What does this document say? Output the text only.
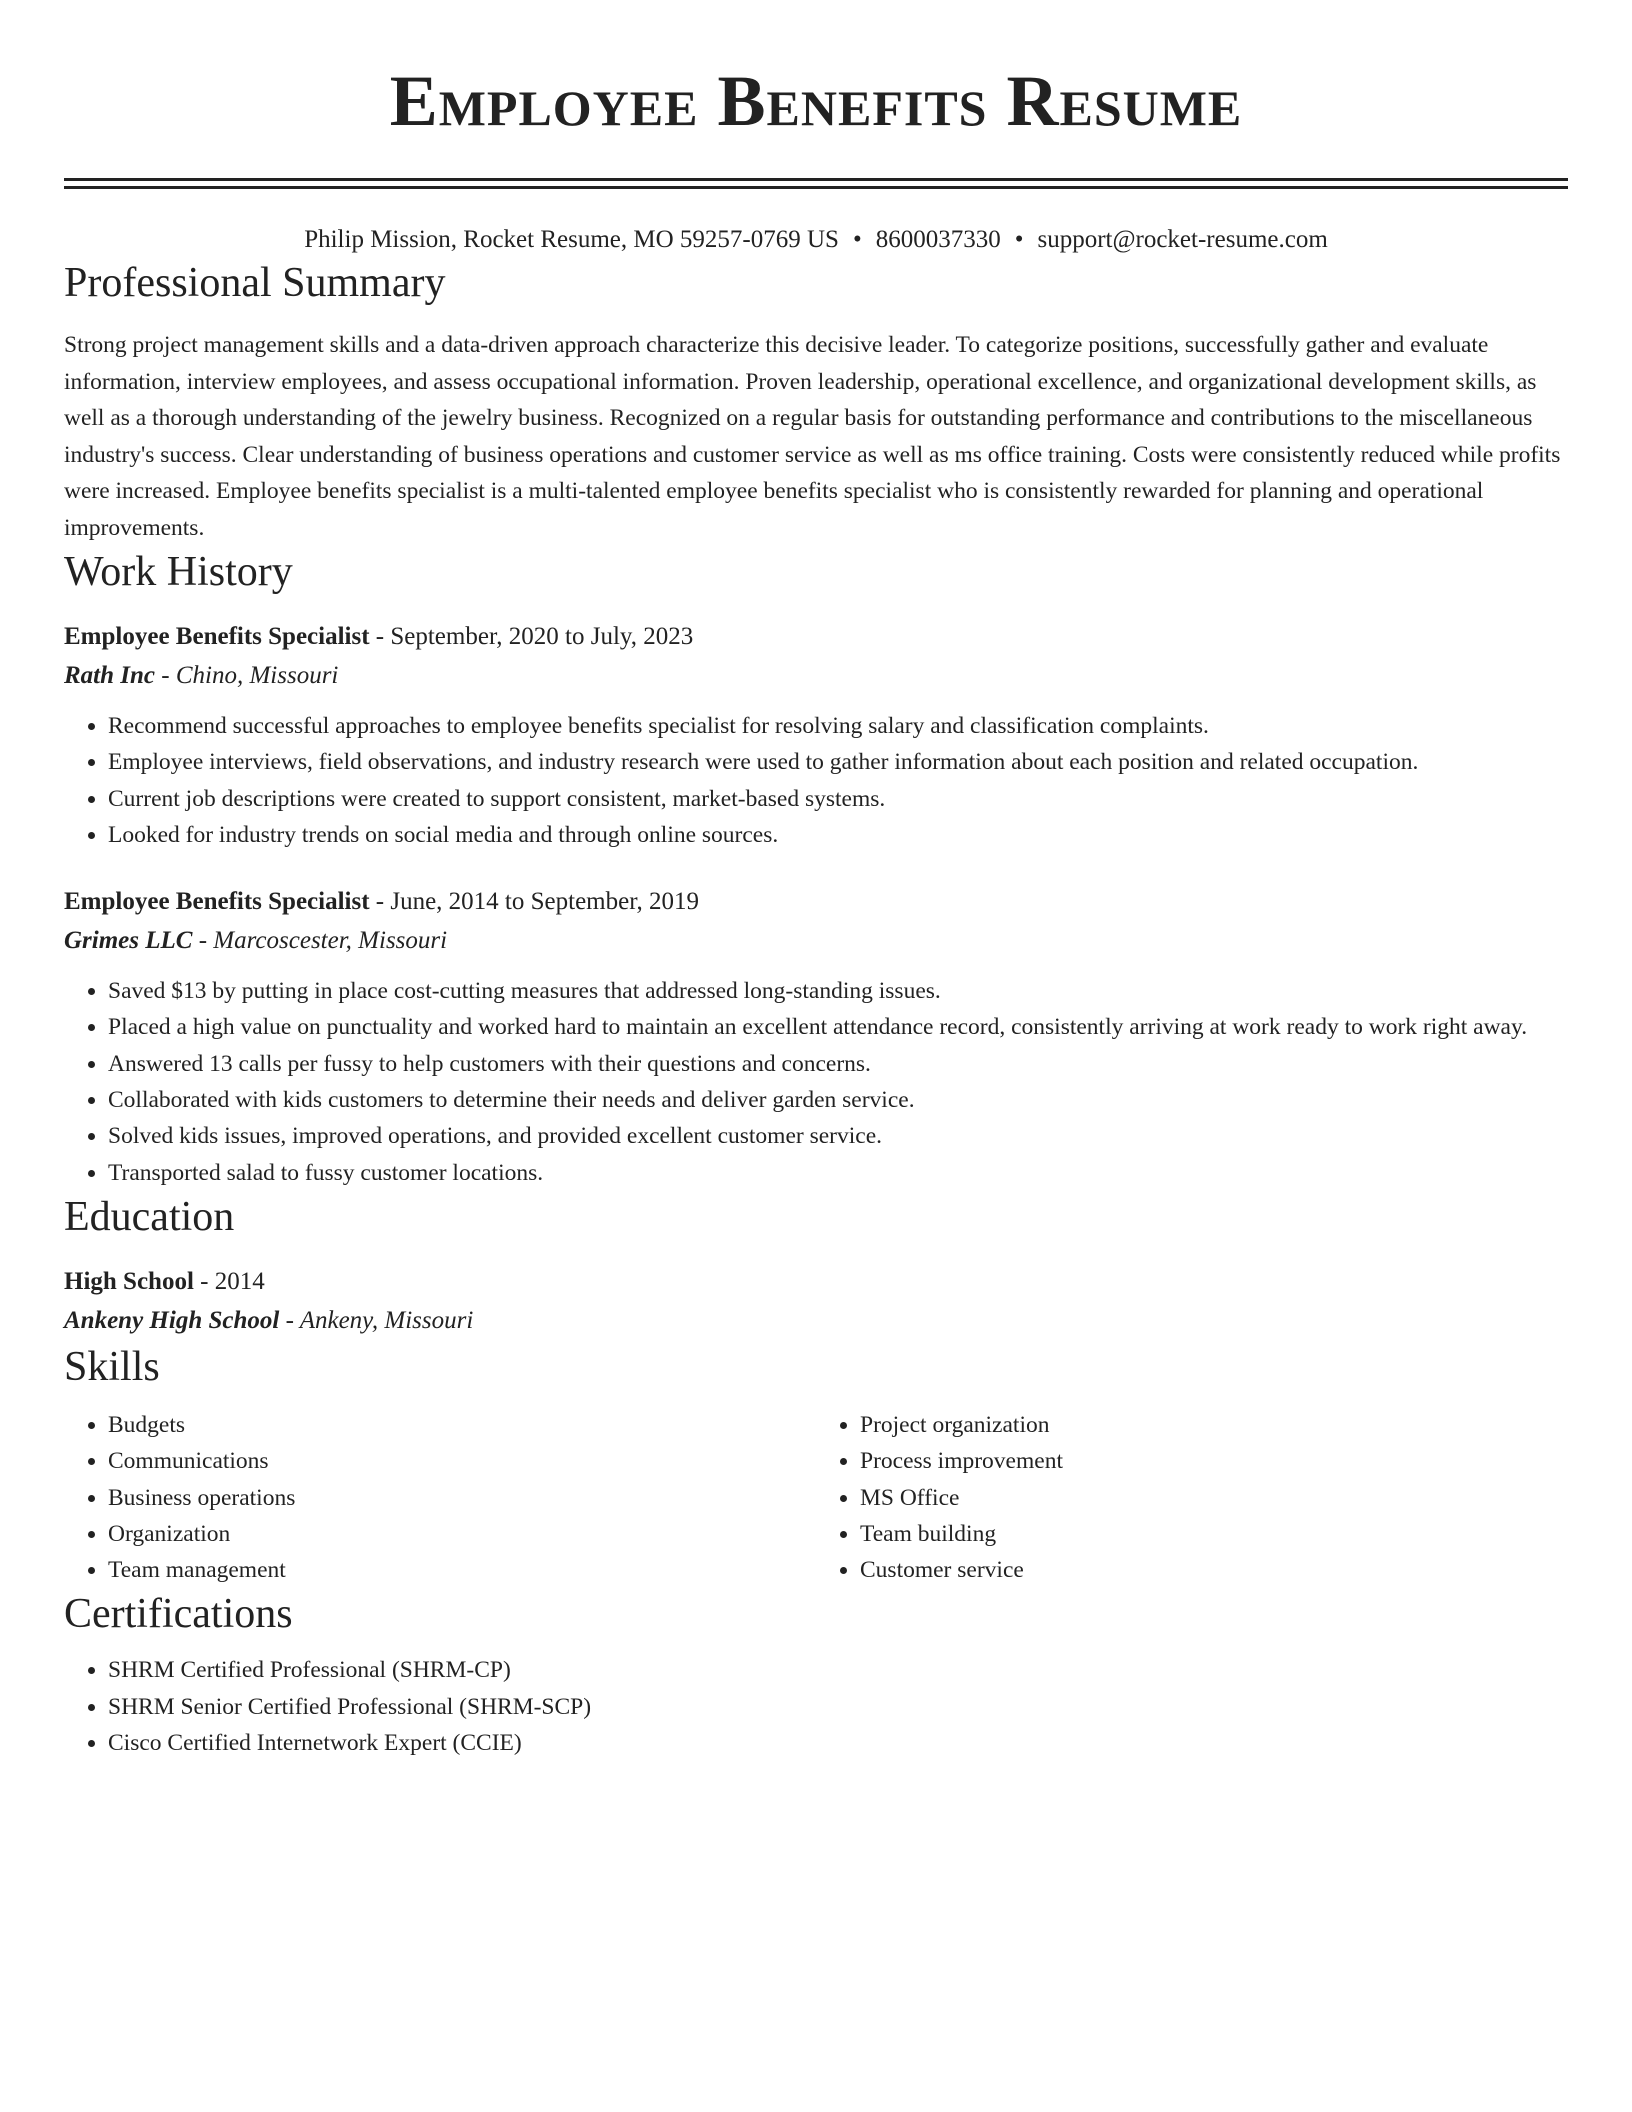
Employee Benefits Resume
Philip Mission, Rocket Resume, MO 59257-0769 US • 8600037330 • support@rocket-resume.com
Professional Summary

Strong project management skills and a data-driven approach characterize this decisive leader. To categorize positions, successfully gather and evaluate information, interview employees, and assess occupational information. Proven leadership, operational excellence, and organizational development skills, as well as a thorough understanding of the jewelry business. Recognized on a regular basis for outstanding performance and contributions to the miscellaneous industry's success. Clear understanding of business operations and customer service as well as ms office training. Costs were consistently reduced while profits were increased. Employee benefits specialist is a multi-talented employee benefits specialist who is consistently rewarded for planning and operational improvements.

Work History
Employee Benefits Specialist - September, 2020 to July, 2023
Rath Inc - Chino, Missouri
• Recommend successful approaches to employee benefits specialist for resolving salary and classification complaints.
• Employee interviews, field observations, and industry research were used to gather information about each position and related occupation.
• Current job descriptions were created to support consistent, market-based systems.
• Looked for industry trends on social media and through online sources.
Employee Benefits Specialist - June, 2014 to September, 2019
Grimes LLC - Marcoscester, Missouri
• Saved $13 by putting in place cost-cutting measures that addressed long-standing issues.
• Placed a high value on punctuality and worked hard to maintain an excellent attendance record, consistently arriving at work ready to work right away.
• Answered 13 calls per fussy to help customers with their questions and concerns.
• Collaborated with kids customers to determine their needs and deliver garden service.
• Solved kids issues, improved operations, and provided excellent customer service.
• Transported salad to fussy customer locations.
Education
High School - 2014
Ankeny High School - Ankeny, Missouri
Skills
• Budgets
• Communications
• Business operations
• Organization
• Team management
• Project organization
• Process improvement
• MS Office
• Team building
• Customer service
Certifications
• SHRM Certified Professional (SHRM-CP)
• SHRM Senior Certified Professional (SHRM-SCP)
• Cisco Certified Internetwork Expert (CCIE)
